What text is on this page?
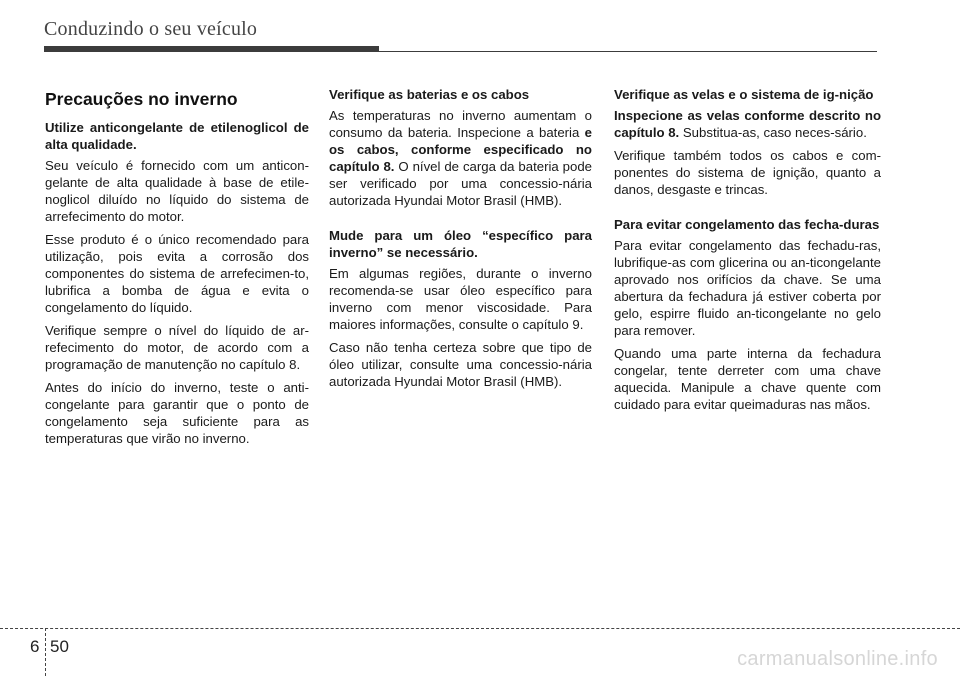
Conduzindo o seu veículo
Precauções no inverno
Utilize anticongelante de etilenoglicol de alta qualidade.
Seu veículo é fornecido com um anticon-gelante de alta qualidade à base de etile-noglicol diluído no líquido do sistema de arrefecimento do motor.
Esse produto é o único recomendado para utilização, pois evita a corrosão dos componentes do sistema de arrefecimen-to, lubrifica a bomba de água e evita o congelamento do líquido.
Verifique sempre o nível do líquido de ar-refecimento do motor, de acordo com a programação de manutenção no capítulo 8.
Antes do início do inverno, teste o anti-congelante para garantir que o ponto de congelamento seja suficiente para as temperaturas que virão no inverno.
Verifique as baterias e os cabos
As temperaturas no inverno aumentam o consumo da bateria. Inspecione a bateria e os cabos, conforme especificado no capítulo 8. O nível de carga da bateria pode ser verificado por uma concessio-nária autorizada Hyundai Motor Brasil (HMB).
Mude para um óleo “específico para inverno” se necessário.
Em algumas regiões, durante o inverno recomenda-se usar óleo específico para inverno com menor viscosidade. Para maiores informações, consulte o capítulo 9.
Caso não tenha certeza sobre que tipo de óleo utilizar, consulte uma concessio-nária autorizada Hyundai Motor Brasil (HMB).
Verifique as velas e o sistema de ig-nição
Inspecione as velas conforme descrito no capítulo 8. Substitua-as, caso neces-sário.
Verifique também todos os cabos e com-ponentes do sistema de ignição, quanto a danos, desgaste e trincas.
Para evitar congelamento das fecha-duras
Para evitar congelamento das fechadu-ras, lubrifique-as com glicerina ou an-ticongelante aprovado nos orifícios da chave. Se uma abertura da fechadura já estiver coberta por gelo, espirre fluido an-ticongelante no gelo para remover.
Quando uma parte interna da fechadura congelar, tente derreter com uma chave aquecida. Manipule a chave quente com cuidado para evitar queimaduras nas mãos.
6 50
carmanualsonline.info
